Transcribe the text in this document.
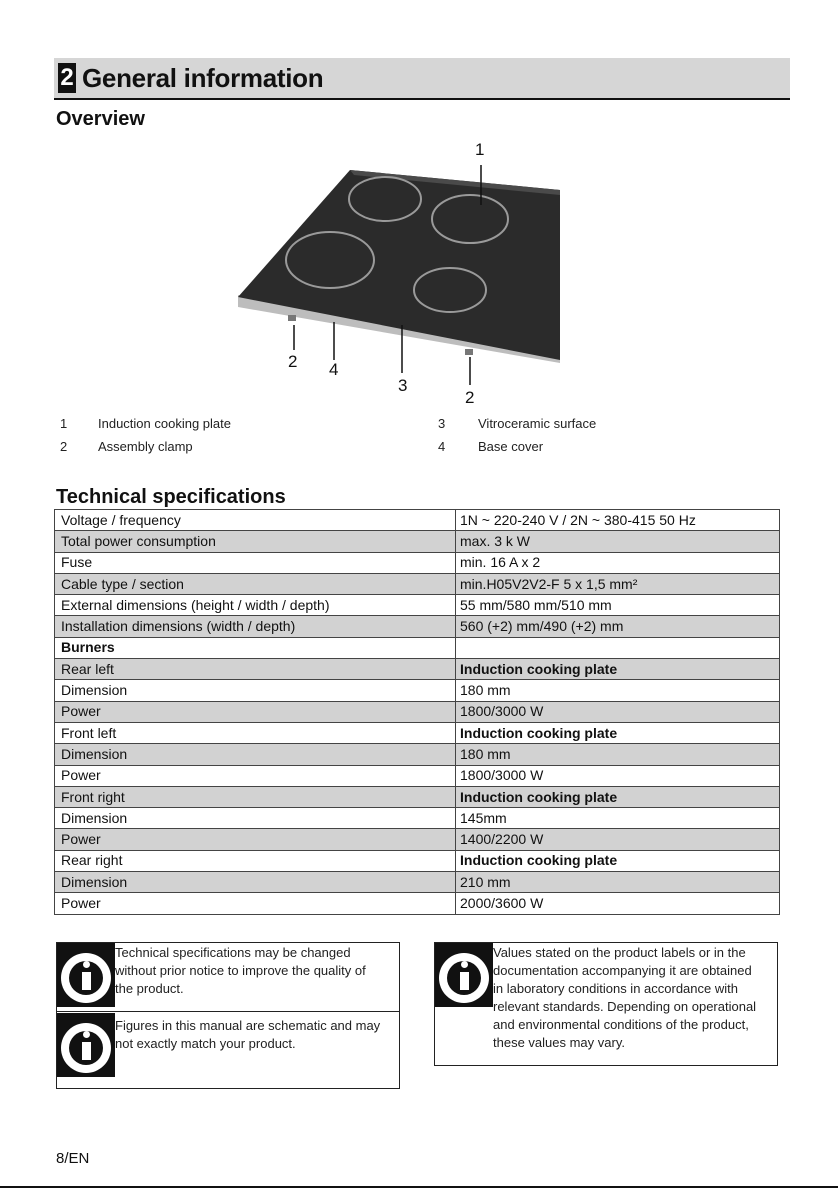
2 General information
Overview
1
2 4
3
2
1 Induction cooking plate	3	Vitroceramic surface
2 Assembly clamp	4	Base cover
Technical specifications
Voltage / frequency	1N ~ 220-240 V / 2N ~ 380-415 50 Hz
Total power consumption	max. 3 k W
Fuse	min. 16 A x 2
Cable type / section	min.H05V2V2-F 5 x 1,5 mm²
External dimensions (height / width / depth)	55 mm/580 mm/510 mm
Installation dimensions (width / depth)	560 (+2) mm/490 (+2) mm
Burners	
Rear left	Induction cooking plate
Dimension	180 mm
Power	1800/3000 W
Front left	Induction cooking plate
Dimension	180 mm
Power	1800/3000 W
Front right	Induction cooking plate
Dimension	145mm
Power	1400/2200 W
Rear right	Induction cooking plate
Dimension	210 mm
Power	2000/3600 W
Technical specifications may be changed
without prior notice to improve the quality of
the product.
Figures in this manual are schematic and may
not exactly match your product.
Values stated on the product labels or in the
documentation accompanying it are obtained
in laboratory conditions in accordance with
relevant standards. Depending on operational
and environmental conditions of the product,
these values may vary.
8/EN
